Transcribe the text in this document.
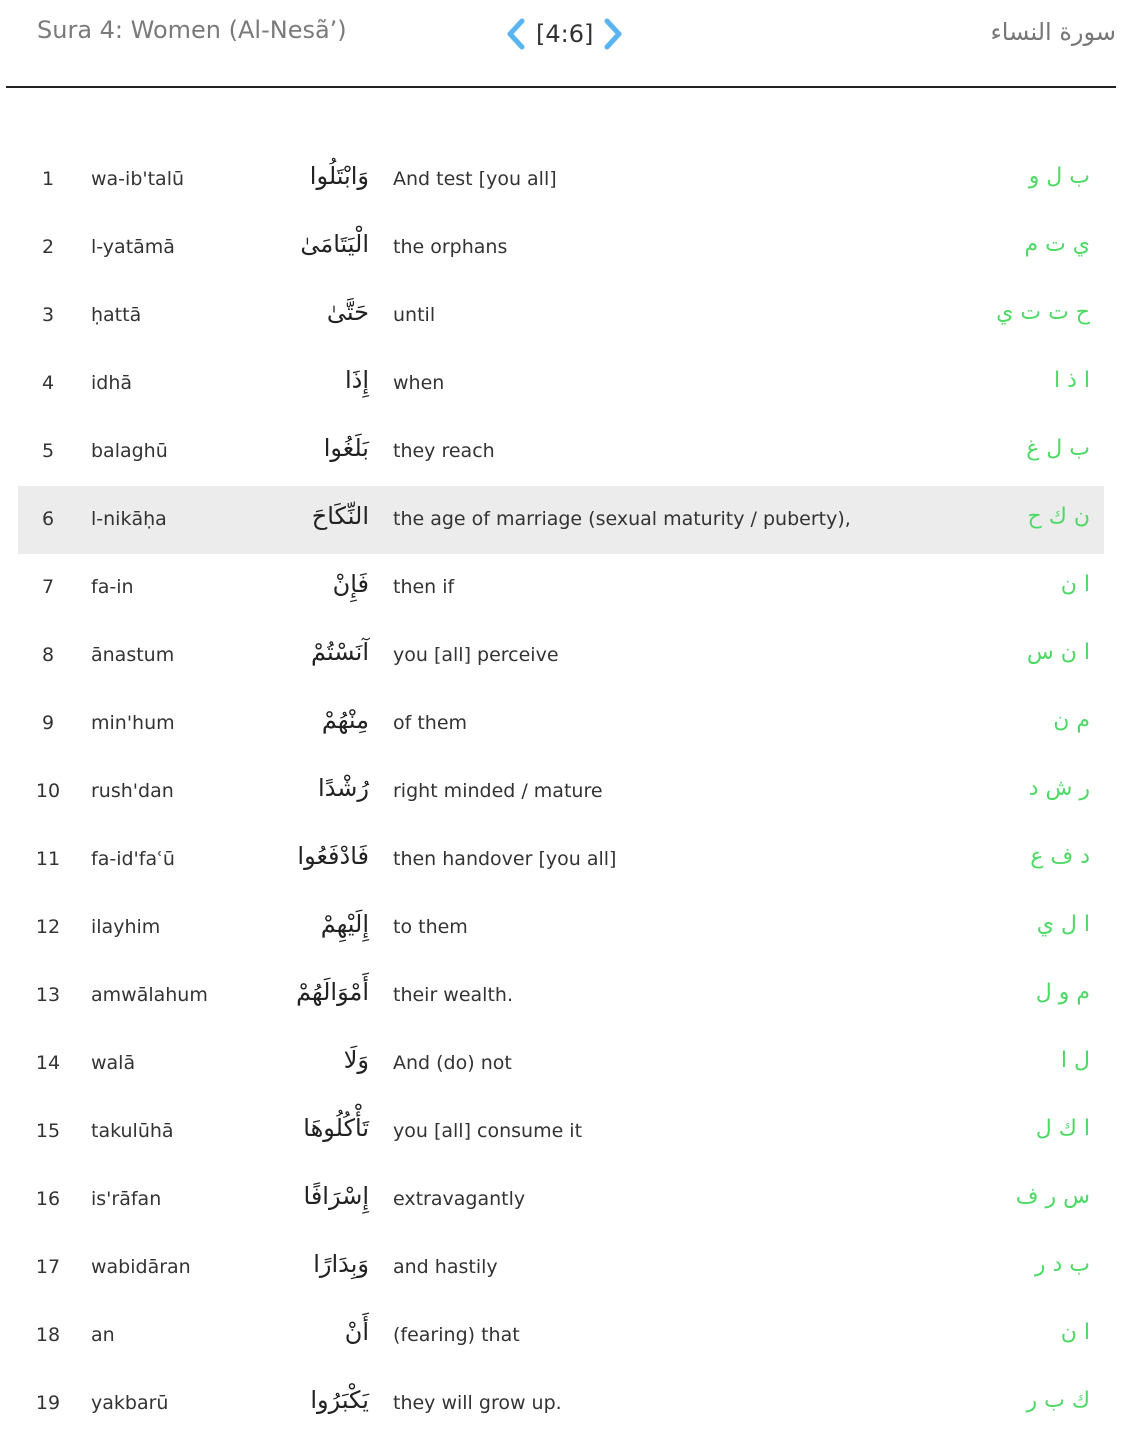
Sura 4: Women (Al-Nesã’)	[4:6]	سورة النساء
1	wa-ib'talū	وَابْتَلُوا And test [you all]	ب ل و
2	l-yatāmā	الْيَتَامَىٰ the orphans	ي ت م
3	ḥattā	حَتَّىٰ until	ح ت ت ي
4	idhā	إِذَا when	ا ذ ا
5	balaghū	بَلَغُوا they reach	ب ل غ
6	l-nikāḥa	النِّكَاحَ the age of marriage (sexual maturity / puberty),	ن ك ح
7	fa-in	فَإِنْ then if	ا ن
8	ānastum	آنَسْتُمْ you [all] perceive	ا ن س
9	min'hum	مِنْهُمْ of them	م ن
10	rush'dan	رُشْدًا right minded / mature	ر ش د
11	fa-id'faʿū	فَادْفَعُوا then handover [you all]	د ف ع
12	ilayhim	إِلَيْهِمْ to them	ا ل ي
13	amwālahum	أَمْوَالَهُمْ their wealth.	م و ل
14	walā	وَلَا And (do) not	ل ا
15	takulūhā	تَأْكُلُوهَا you [all] consume it	ا ك ل
16	is'rāfan	إِسْرَافًا extravagantly	س ر ف
17	wabidāran	وَبِدَارًا and hastily	ب د ر
18	an	أَنْ (fearing) that	ا ن
19	yakbarū	يَكْبَرُوا they will grow up.	ك ب ر
